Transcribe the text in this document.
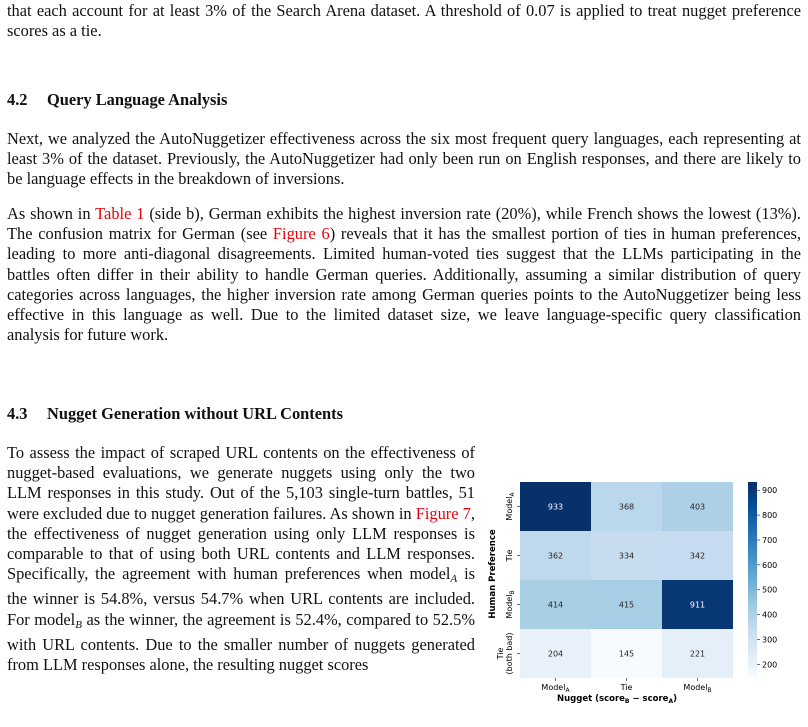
that each account for at least 3% of the Search Arena dataset. A threshold of 0.07 is applied to treat nugget preference scores as a tie.

4.2 Query Language Analysis

Next, we analyzed the AutoNuggetizer effectiveness across the six most frequent query languages, each representing at least 3% of the dataset. Previously, the AutoNuggetizer had only been run on English responses, and there are likely to be language effects in the breakdown of inversions.

As shown in Table 1 (side b), German exhibits the highest inversion rate (20%), while French shows the lowest (13%). The confusion matrix for German (see Figure 6) reveals that it has the smallest portion of ties in human preferences, leading to more anti-diagonal disagreements. Limited human-voted ties suggest that the LLMs participating in the battles often differ in their ability to handle German queries. Additionally, assuming a similar distribution of query categories across languages, the higher inversion rate among German queries points to the AutoNuggetizer being less effective in this language as well. Due to the limited dataset size, we leave language-specific query classification analysis for future work.

4.3 Nugget Generation without URL Contents

To assess the impact of scraped URL contents on the effectiveness of nugget-based evaluations, we generate nuggets using only the two LLM responses in this study. Out of the 5,103 single-turn battles, 51 were excluded due to nugget generation failures. As shown in Figure 7, the effectiveness of nugget generation using only LLM responses is comparable to that of using both URL contents and LLM responses. Specifically, the agreement with human preferences when modelA is the winner is 54.8%, versus 54.7% when URL contents are included. For modelB as the winner, the agreement is 52.4%, compared to 52.5% with URL contents. Due to the smaller number of nuggets generated from LLM responses alone, the resulting nugget scores

933	368	403
362	334	342
414	415	911
204	145	221
Model$_A$
Tie
Model$_B$
Tie (both bad)
Model$_A$	Tie	Model$_B$
200
300
400
500
600
700
800
900
Human Preference
Nugget (score$_B$ − score$_A$)
